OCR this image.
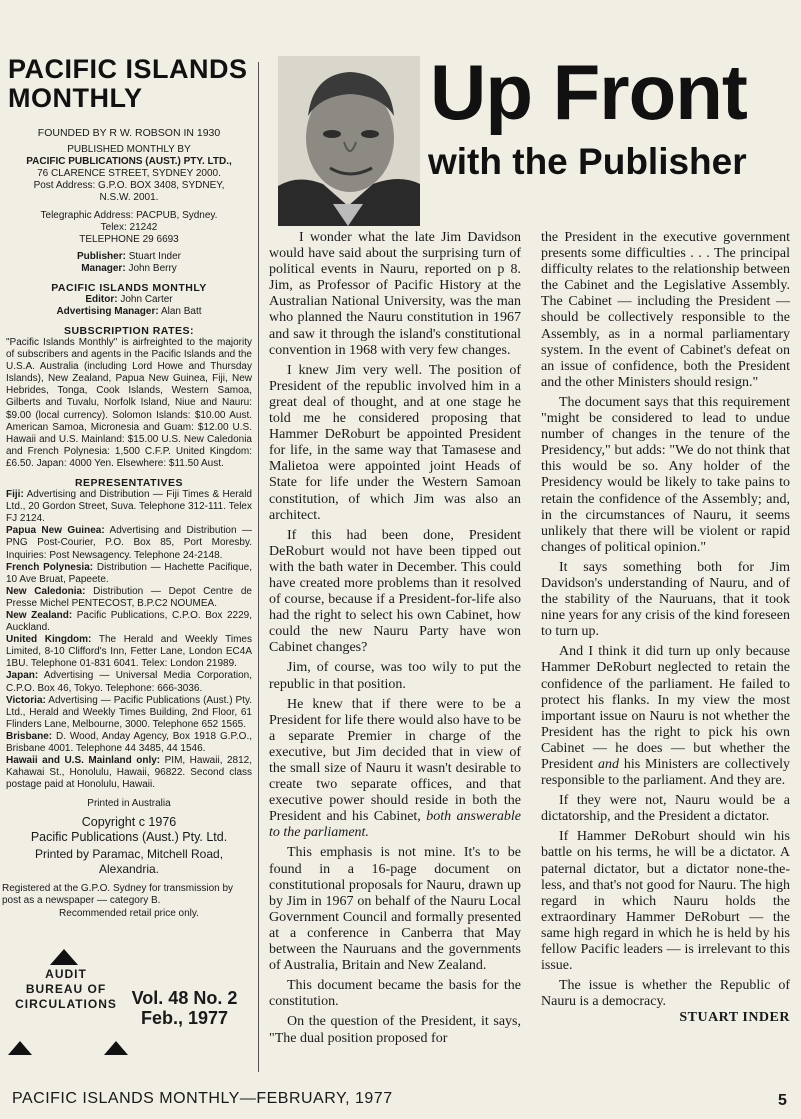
PACIFIC ISLANDS
MONTHLY

FOUNDED BY R W. ROBSON IN 1930

PUBLISHED MONTHLY BY

PACIFIC PUBLICATIONS (AUST.) PTY. LTD.,

76 CLARENCE STREET, SYDNEY 2000.

Post Address: G.P.O. BOX 3408, SYDNEY,

N.S.W. 2001.

Telegraphic Address: PACPUB, Sydney.

Telex: 21242

TELEPHONE 29 6693

Publisher: Stuart Inder

Manager: John Berry

PACIFIC ISLANDS MONTHLY

Editor: John Carter

Advertising Manager: Alan Batt

SUBSCRIPTION RATES:

"Pacific Islands Monthly" is airfreighted to the majority of subscribers and agents in the Pacific Islands and the U.S.A. Australia (including Lord Howe and Thursday Islands), New Zealand, Papua New Guinea, Fiji, New Hebrides, Tonga, Cook Islands, Western Samoa, Gilberts and Tuvalu, Norfolk Island, Niue and Nauru: $9.00 (local currency). Solomon Islands: $10.00 Aust. American Samoa, Micronesia and Guam: $12.00 U.S. Hawaii and U.S. Mainland: $15.00 U.S. New Caledonia and French Polynesia: 1,500 C.F.P. United Kingdom: £6.50. Japan: 4000 Yen. Elsewhere: $11.50 Aust.

REPRESENTATIVES

Fiji: Advertising and Distribution — Fiji Times & Herald Ltd., 20 Gordon Street, Suva. Telephone 312-111. Telex FJ 2124.

Papua New Guinea: Advertising and Distribution — PNG Post-Courier, P.O. Box 85, Port Moresby. Inquiries: Post Newsagency. Telephone 24-2148.

French Polynesia: Distribution — Hachette Pacifique, 10 Ave Bruat, Papeete.

New Caledonia: Distribution — Depot Centre de Presse Michel PENTECOST, B.P.C2 NOUMEA.

New Zealand: Pacific Publications, C.P.O. Box 2229, Auckland.

United Kingdom: The Herald and Weekly Times Limited, 8-10 Clifford's Inn, Fetter Lane, London EC4A 1BU. Telephone 01-831 6041. Telex: London 21989.

Japan: Advertising — Universal Media Corporation, C.P.O. Box 46, Tokyo. Telephone: 666-3036.

Victoria: Advertising — Pacific Publications (Aust.) Pty. Ltd., Herald and Weekly Times Building, 2nd Floor, 61 Flinders Lane, Melbourne, 3000. Telephone 652 1565.

Brisbane: D. Wood, Anday Agency, Box 1918 G.P.O., Brisbane 4001. Telephone 44 3485, 44 1546.

Hawaii and U.S. Mainland only: PIM, Hawaii, 2812, Kahawai St., Honolulu, Hawaii, 96822. Second class postage paid at Honolulu, Hawaii.

Printed in Australia

Copyright c 1976

Pacific Publications (Aust.) Pty. Ltd.

Printed by Paramac, Mitchell Road, Alexandria.

Registered at the G.P.O. Sydney for transmission by post as a newspaper — category B.

Recommended retail price only.

AUDIT
BUREAU OF
CIRCULATIONS Vol. 48 No. 2
Feb., 1977
Up Front
with the Publisher

I wonder what the late Jim Davidson would have said about the surprising turn of political events in Nauru, reported on p 8. Jim, as Professor of Pacific History at the Australian National University, was the man who planned the Nauru constitution in 1967 and saw it through the island's constitutional convention in 1968 with very few changes.

I knew Jim very well. The position of President of the republic involved him in a great deal of thought, and at one stage he told me he considered proposing that Hammer DeRoburt be appointed President for life, in the same way that Tamasese and Malietoa were appointed joint Heads of State for life under the Western Samoan constitution, of which Jim was also an architect.

If this had been done, President DeRoburt would not have been tipped out with the bath water in December. This could have created more problems than it resolved of course, because if a President-for-life also had the right to select his own Cabinet, how could the new Nauru Party have won Cabinet changes?

Jim, of course, was too wily to put the republic in that position.

He knew that if there were to be a President for life there would also have to be a separate Premier in charge of the executive, but Jim decided that in view of the small size of Nauru it wasn't desirable to create two separate offices, and that executive power should reside in both the President and his Cabinet, both answerable to the parliament.

This emphasis is not mine. It's to be found in a 16-page document on constitutional proposals for Nauru, drawn up by Jim in 1967 on behalf of the Nauru Local Government Council and formally presented at a conference in Canberra that May between the Nauruans and the governments of Australia, Britain and New Zealand.

This document became the basis for the constitution.

On the question of the President, it says, "The dual position proposed for

the President in the executive government presents some difficulties . . . The principal difficulty relates to the relationship between the Cabinet and the Legislative Assembly. The Cabinet — including the President — should be collectively responsible to the Assembly, as in a normal parliamentary system. In the event of Cabinet's defeat on an issue of confidence, both the President and the other Ministers should resign."

The document says that this requirement "might be considered to lead to undue number of changes in the tenure of the Presidency," but adds: "We do not think that this would be so. Any holder of the Presidency would be likely to take pains to retain the confidence of the Assembly; and, in the circumstances of Nauru, it seems unlikely that there will be violent or rapid changes of political opinion."

It says something both for Jim Davidson's understanding of Nauru, and of the stability of the Nauruans, that it took nine years for any crisis of the kind foreseen to turn up.

And I think it did turn up only because Hammer DeRoburt neglected to retain the confidence of the parliament. He failed to protect his flanks. In my view the most important issue on Nauru is not whether the President has the right to pick his own Cabinet — he does — but whether the President and his Ministers are collectively responsible to the parliament. And they are.

If they were not, Nauru would be a dictatorship, and the President a dictator.

If Hammer DeRoburt should win his battle on his terms, he will be a dictator. A paternal dictator, but a dictator none-the-less, and that's not good for Nauru. The high regard in which Nauru holds the extraordinary Hammer DeRoburt — the same high regard in which he is held by his fellow Pacific leaders — is irrelevant to this issue.

The issue is whether the Republic of Nauru is a democracy.

STUART INDER
PACIFIC ISLANDS MONTHLY—FEBRUARY, 1977	5
